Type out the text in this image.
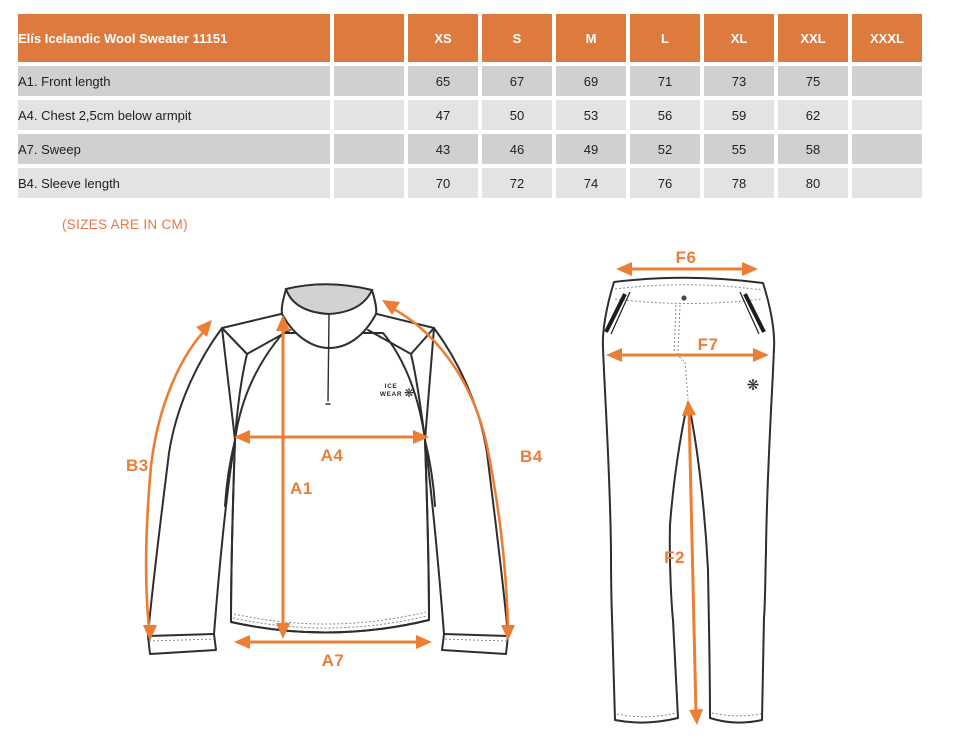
Elís Icelandic Wool Sweater 11151		XS	S	M	L	XL	XXL	XXXL
A1. Front length		65	67	69	71	73	75	
A4. Chest 2,5cm below armpit		47	50	53	56	59	62	
A7. Sweep		43	46	49	52	55	58	
B4. Sleeve length		70	72	74	76	78	80	
(SIZES ARE IN CM)
ICE
WEAR ❋
B3
A4
A1
B4
A7
❋
F6
F7
F2
